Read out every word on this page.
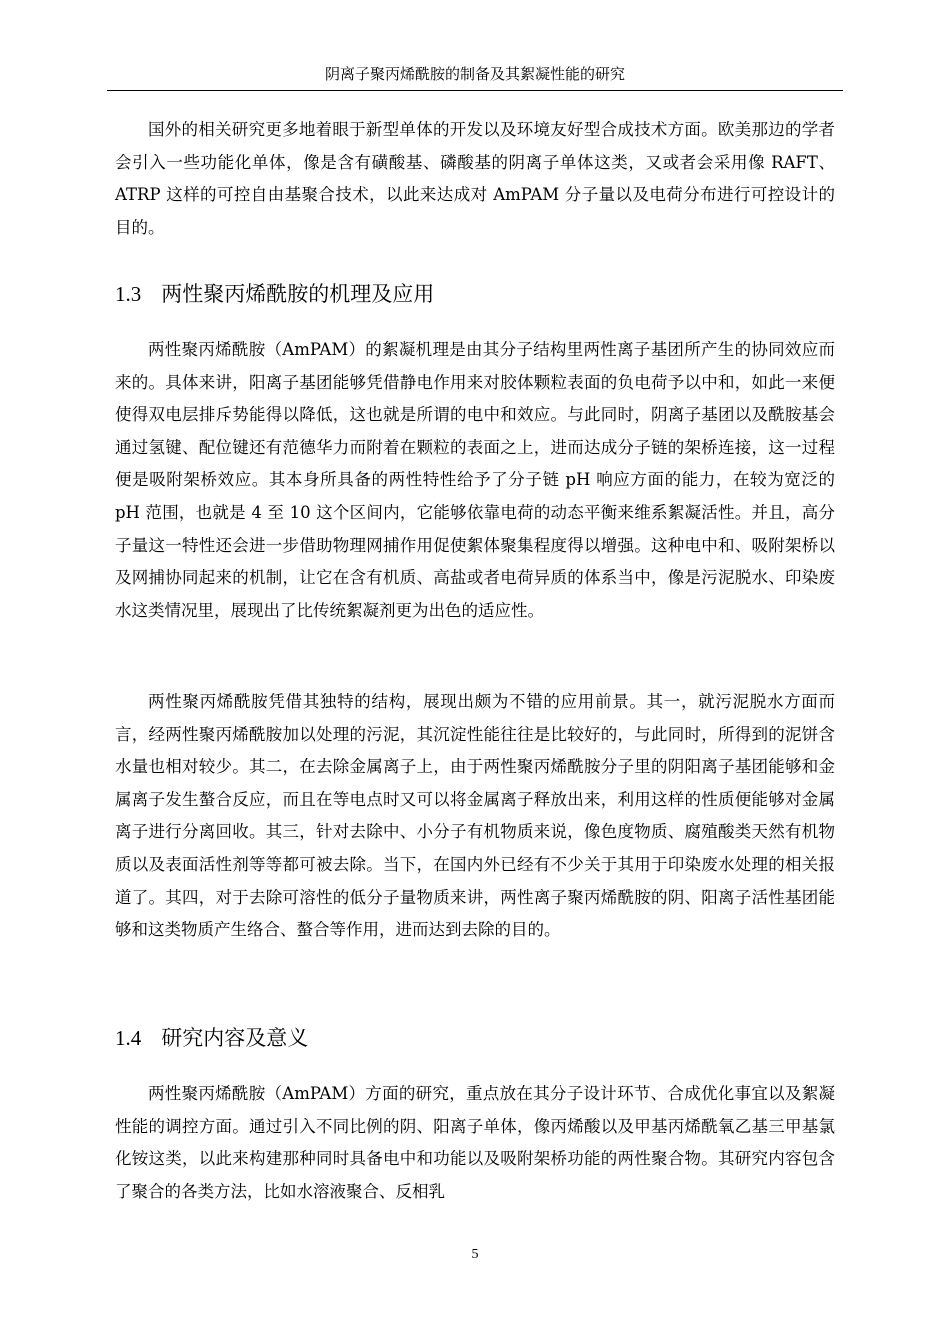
阴离子聚丙烯酰胺的制备及其絮凝性能的研究

国外的相关研究更多地着眼于新型单体的开发以及环境友好型合成技术方面。欧美那边的学者会引入一些功能化单体，像是含有磺酸基、磷酸基的阴离子单体这类，又或者会采用像 RAFT、ATRP 这样的可控自由基聚合技术，以此来达成对 AmPAM 分子量以及电荷分布进行可控设计的目的。

1.3 两性聚丙烯酰胺的机理及应用

两性聚丙烯酰胺（AmPAM）的絮凝机理是由其分子结构里两性离子基团所产生的协同效应而来的。具体来讲，阳离子基团能够凭借静电作用来对胶体颗粒表面的负电荷予以中和，如此一来便使得双电层排斥势能得以降低，这也就是所谓的电中和效应。与此同时，阴离子基团以及酰胺基会通过氢键、配位键还有范德华力而附着在颗粒的表面之上，进而达成分子链的架桥连接，这一过程便是吸附架桥效应。其本身所具备的两性特性给予了分子链 pH 响应方面的能力，在较为宽泛的 pH 范围，也就是 4 至 10 这个区间内，它能够依靠电荷的动态平衡来维系絮凝活性。并且，高分子量这一特性还会进一步借助物理网捕作用促使絮体聚集程度得以增强。这种电中和、吸附架桥以及网捕协同起来的机制，让它在含有机质、高盐或者电荷异质的体系当中，像是污泥脱水、印染废水这类情况里，展现出了比传统絮凝剂更为出色的适应性。

两性聚丙烯酰胺凭借其独特的结构，展现出颇为不错的应用前景。其一，就污泥脱水方面而言，经两性聚丙烯酰胺加以处理的污泥，其沉淀性能往往是比较好的，与此同时，所得到的泥饼含水量也相对较少。其二，在去除金属离子上，由于两性聚丙烯酰胺分子里的阴阳离子基团能够和金属离子发生螯合反应，而且在等电点时又可以将金属离子释放出来，利用这样的性质便能够对金属离子进行分离回收。其三，针对去除中、小分子有机物质来说，像色度物质、腐殖酸类天然有机物质以及表面活性剂等等都可被去除。当下，在国内外已经有不少关于其用于印染废水处理的相关报道了。其四，对于去除可溶性的低分子量物质来讲，两性离子聚丙烯酰胺的阴、阳离子活性基团能够和这类物质产生络合、螯合等作用，进而达到去除的目的。

1.4 研究内容及意义

两性聚丙烯酰胺（AmPAM）方面的研究，重点放在其分子设计环节、合成优化事宜以及絮凝性能的调控方面。通过引入不同比例的阴、阳离子单体，像丙烯酸以及甲基丙烯酰氧乙基三甲基氯化铵这类，以此来构建那种同时具备电中和功能以及吸附架桥功能的两性聚合物。其研究内容包含了聚合的各类方法，比如水溶液聚合、反相乳

5
